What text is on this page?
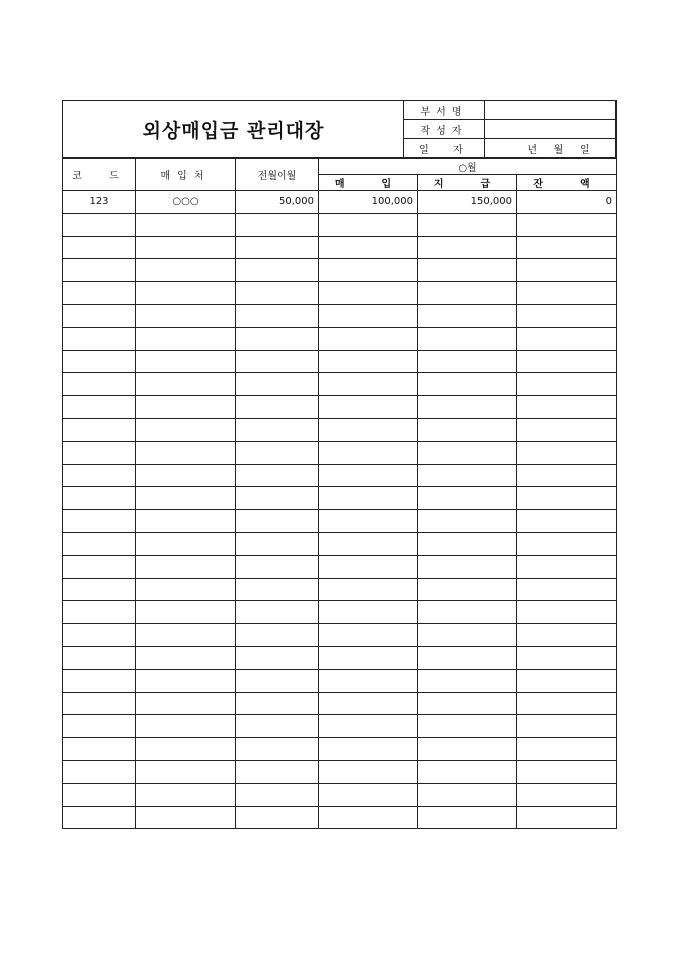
외상매입금 관리대장
부서명	
작성자	
일  자	년 월 일
코  드	매입처	전월이월	○월		
			매  입	지  급	잔  액
123	○○○	50,000	100,000	150,000	0
